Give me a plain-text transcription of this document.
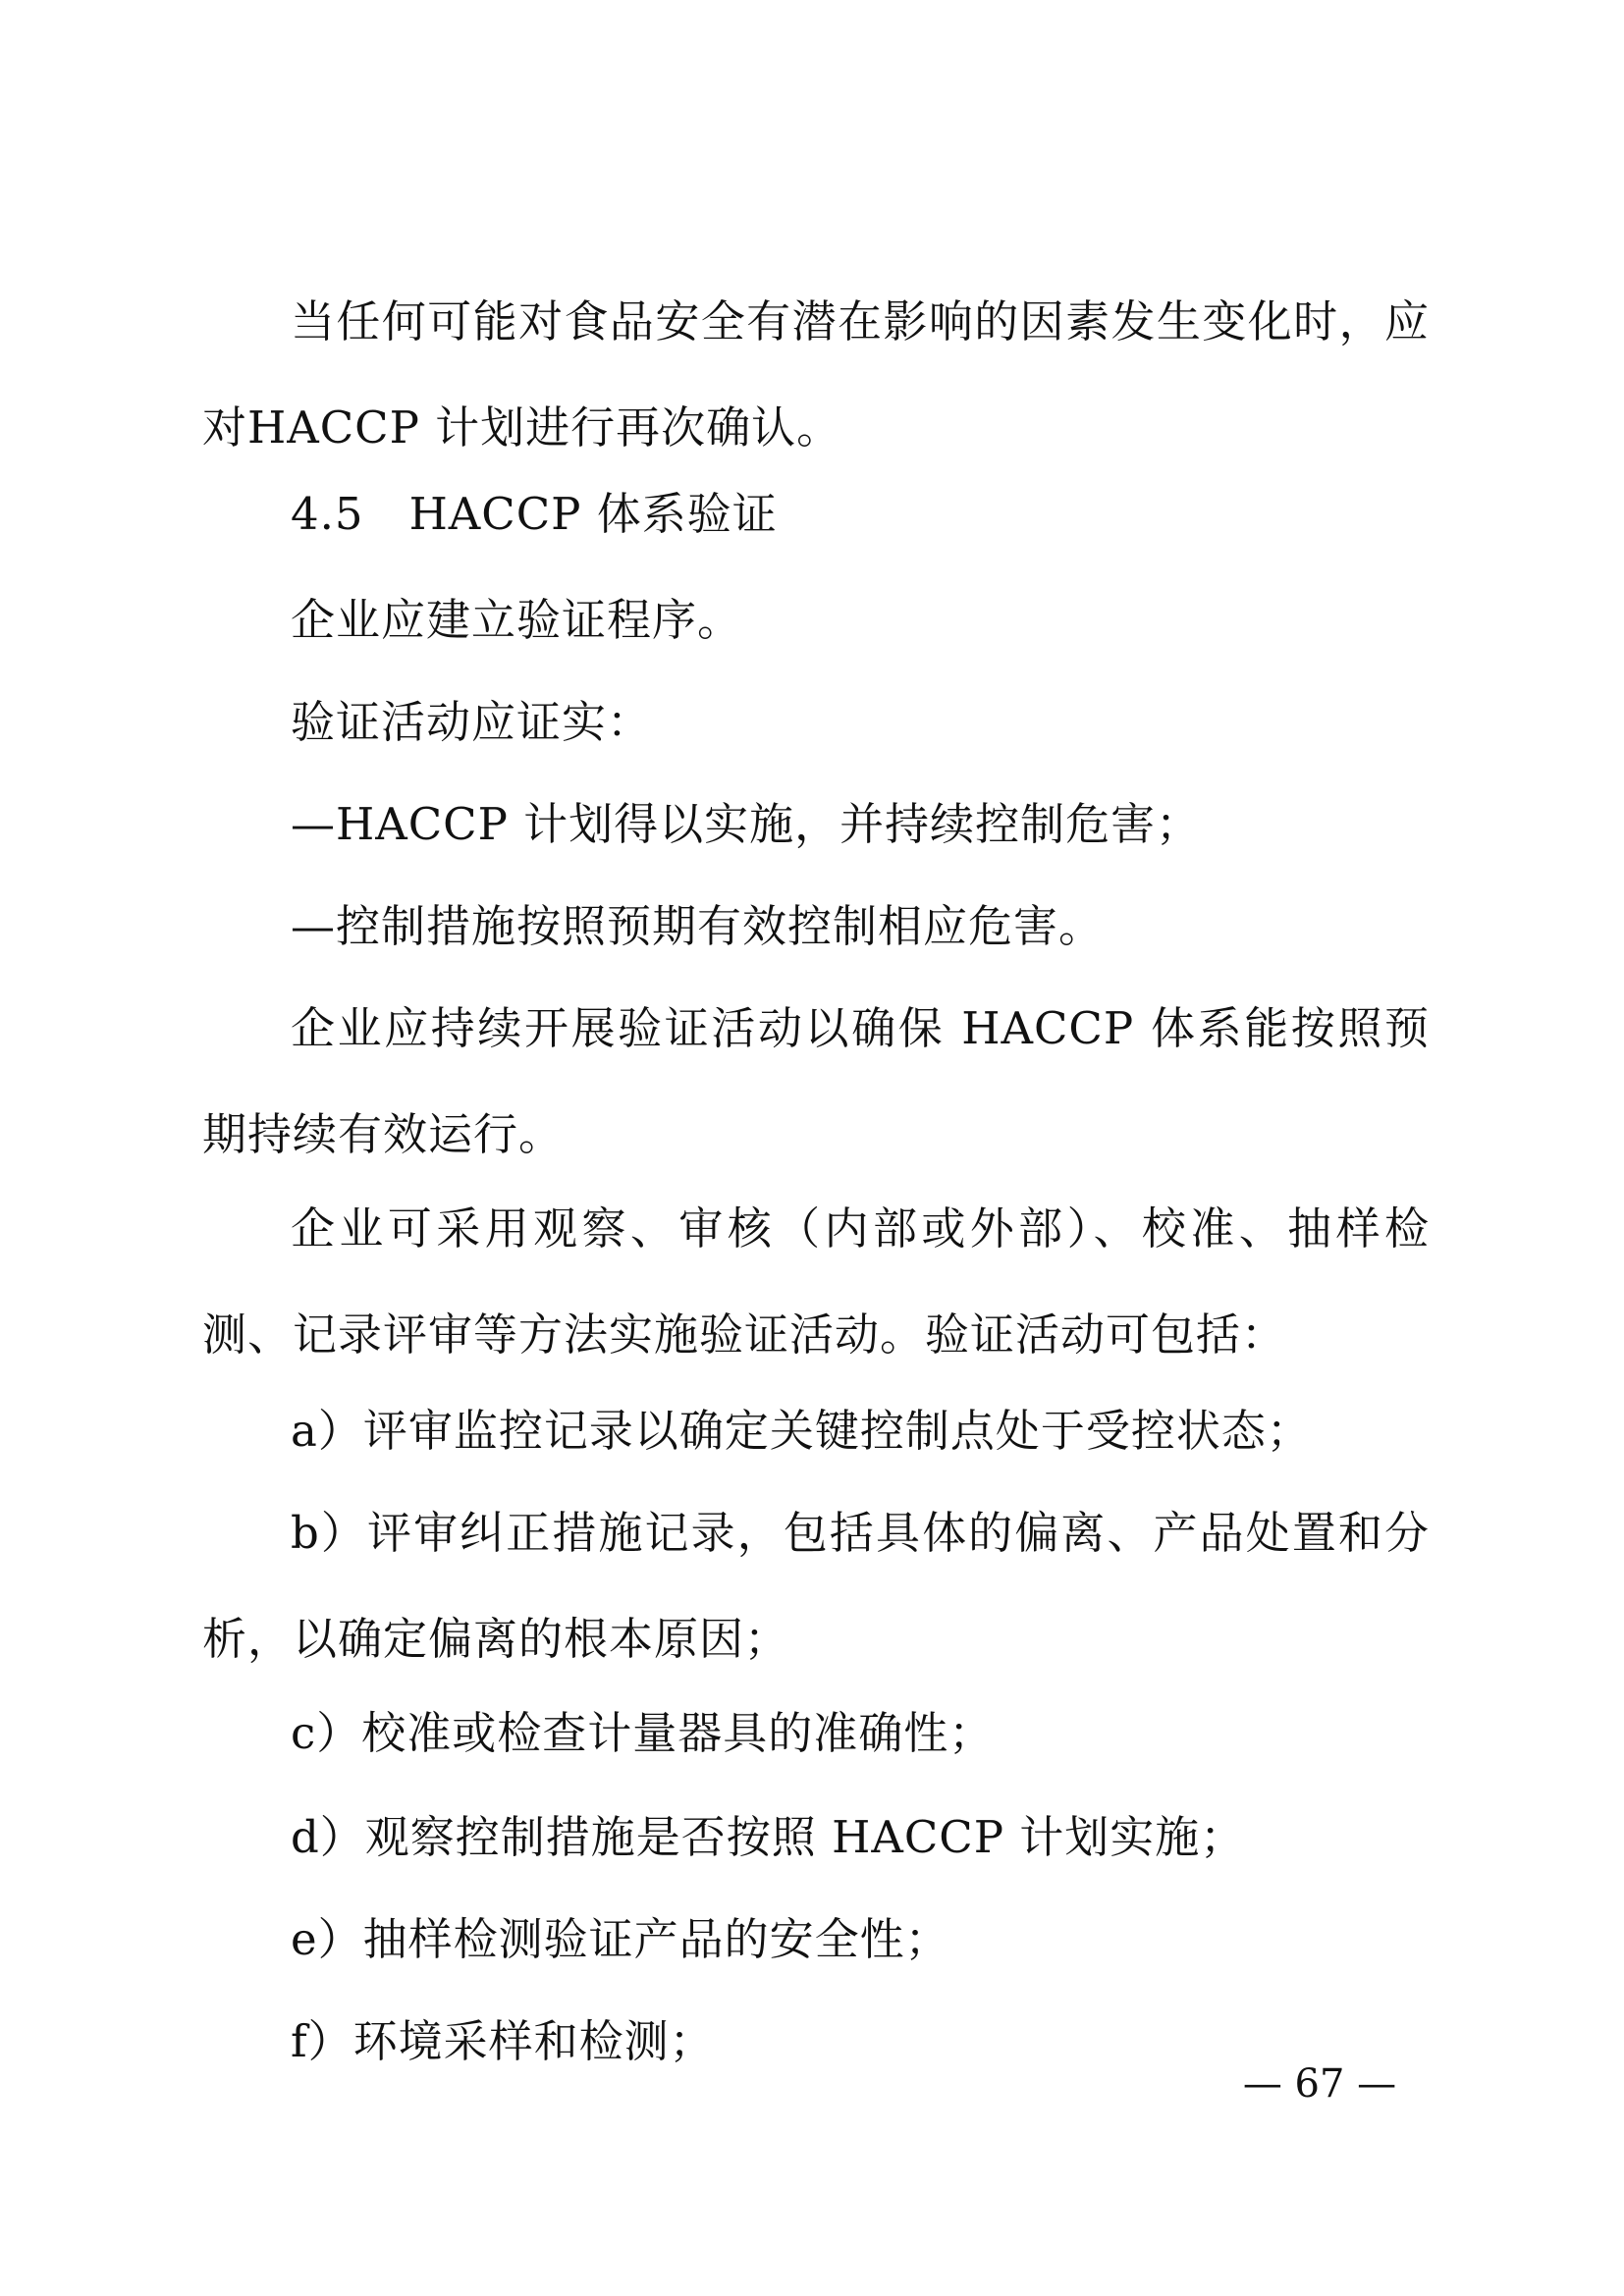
当任何可能对食品安全有潜在影响的因素发生变化时，应对HACCP 计划进行再次确认。

4.5　HACCP 体系验证

企业应建立验证程序。

验证活动应证实：

—HACCP 计划得以实施，并持续控制危害；

—控制措施按照预期有效控制相应危害。

企业应持续开展验证活动以确保 HACCP 体系能按照预期持续有效运行。

企业可采用观察、审核（内部或外部）、校准、抽样检测、记录评审等方法实施验证活动。验证活动可包括：

a）评审监控记录以确定关键控制点处于受控状态；

b）评审纠正措施记录，包括具体的偏离、产品处置和分析，以确定偏离的根本原因；

c）校准或检查计量器具的准确性；

d）观察控制措施是否按照 HACCP 计划实施；

e）抽样检测验证产品的安全性；

f）环境采样和检测；

— 67 —
